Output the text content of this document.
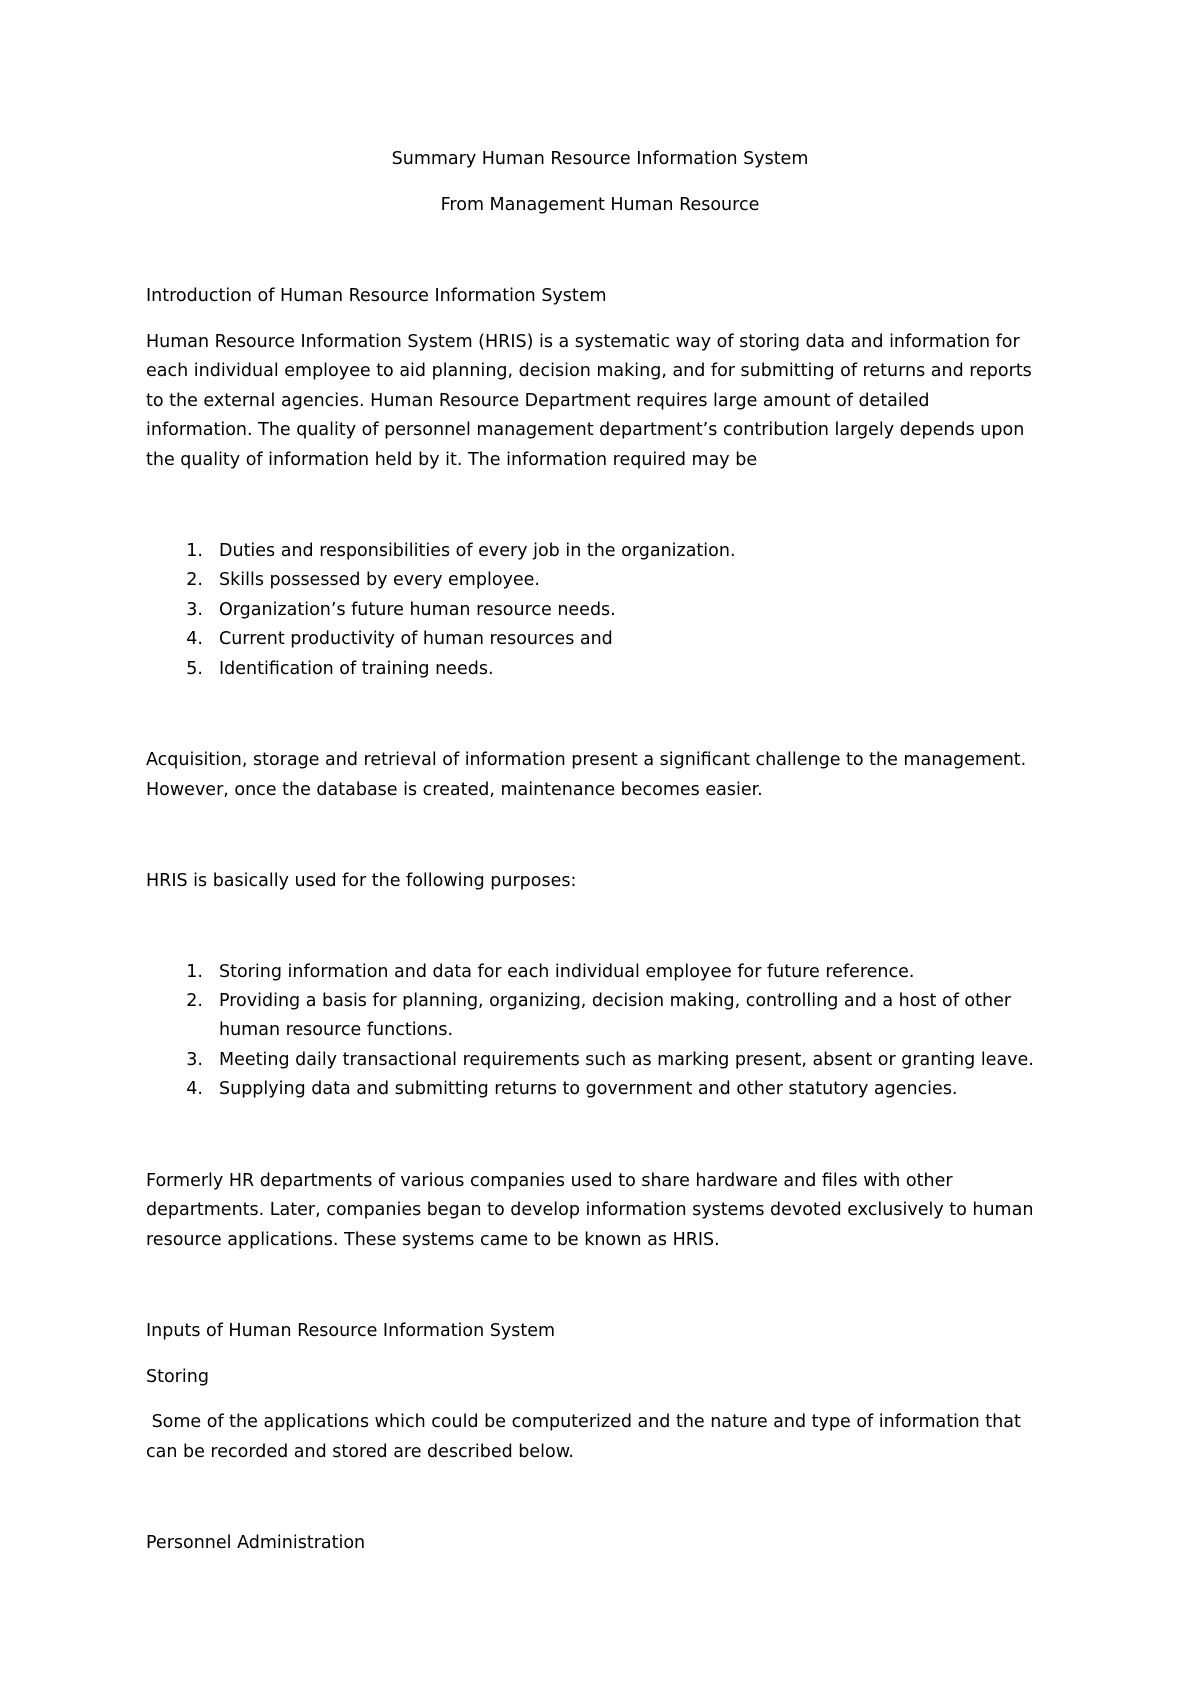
Summary Human Resource Information System
From Management Human Resource
Introduction of Human Resource Information System
Human Resource Information System (HRIS) is a systematic way of storing data and information for
each individual employee to aid planning, decision making, and for submitting of returns and reports
to the external agencies. Human Resource Department requires large amount of detailed
information. The quality of personnel management department’s contribution largely depends upon
the quality of information held by it. The information required may be
1. Duties and responsibilities of every job in the organization.
2. Skills possessed by every employee.
3. Organization’s future human resource needs.
4. Current productivity of human resources and
5. Identification of training needs.
Acquisition, storage and retrieval of information present a significant challenge to the management.
However, once the database is created, maintenance becomes easier.
HRIS is basically used for the following purposes:
1. Storing information and data for each individual employee for future reference.
2. Providing a basis for planning, organizing, decision making, controlling and a host of other
human resource functions.
3. Meeting daily transactional requirements such as marking present, absent or granting leave.
4. Supplying data and submitting returns to government and other statutory agencies.
Formerly HR departments of various companies used to share hardware and files with other
departments. Later, companies began to develop information systems devoted exclusively to human
resource applications. These systems came to be known as HRIS.
Inputs of Human Resource Information System
Storing
Some of the applications which could be computerized and the nature and type of information that
can be recorded and stored are described below.
Personnel Administration
